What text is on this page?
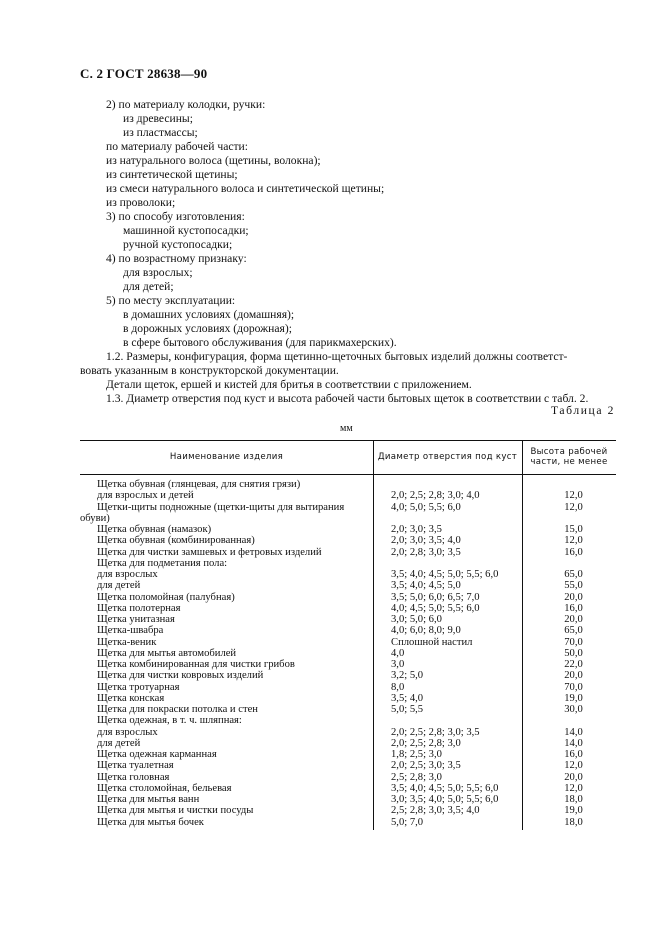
С. 2 ГОСТ 28638—90
2) по материалу колодки, ручки:
из древесины;
из пластмассы;
по материалу рабочей части:
из натурального волоса (щетины, волокна);
из синтетической щетины;
из смеси натурального волоса и синтетической щетины;
из проволоки;
3) по способу изготовления:
машинной кустопосадки;
ручной кустопосадки;
4) по возрастному признаку:
для взрослых;
для детей;
5) по месту эксплуатации:
в домашних условиях (домашняя);
в дорожных условиях (дорожная);
в сфере бытового обслуживания (для парикмахерских).
1.2. Размеры, конфигурация, форма щетинно-щеточных бытовых изделий должны соответст-
вовать указанным в конструкторской документации.
Детали щеток, ершей и кистей для бритья в соответствии с приложением.
1.3. Диаметр отверстия под куст и высота рабочей части бытовых щеток в соответствии с табл. 2.
Таблица 2
мм
Наименование изделия	Диаметр отверстия под куст	Высота рабочей части, не менее
Щетка обувная (глянцевая, для снятия грязи)
для взрослых и детей	2,0; 2,5; 2,8; 3,0; 4,0	12,0
Щетки-щиты подножные (щетки-щиты для вытирания	4,0; 5,0; 5,5; 6,0	12,0
обуви)
Щетка обувная (намазок)	2,0; 3,0; 3,5	15,0
Щетка обувная (комбинированная)	2,0; 3,0; 3,5; 4,0	12,0
Щетка для чистки замшевых и фетровых изделий	2,0; 2,8; 3,0; 3,5	16,0
Щетка для подметания пола:
для взрослых	3,5; 4,0; 4,5; 5,0; 5,5; 6,0	65,0
для детей	3,5; 4,0; 4,5; 5,0	55,0
Щетка поломойная (палубная)	3,5; 5,0; 6,0; 6,5; 7,0	20,0
Щетка полотерная	4,0; 4,5; 5,0; 5,5; 6,0	16,0
Щетка унитазная	3,0; 5,0; 6,0	20,0
Щетка-швабра	4,0; 6,0; 8,0; 9,0	65,0
Щетка-веник	Сплошной настил	70,0
Щетка для мытья автомобилей	4,0	50,0
Щетка комбинированная для чистки грибов	3,0	22,0
Щетка для чистки ковровых изделий	3,2; 5,0	20,0
Щетка тротуарная	8,0	70,0
Щетка конская	3,5; 4,0	19,0
Щетка для покраски потолка и стен	5,0; 5,5	30,0
Щетка одежная, в т. ч. шляпная:
для взрослых	2,0; 2,5; 2,8; 3,0; 3,5	14,0
для детей	2,0; 2,5; 2,8; 3,0	14,0
Щетка одежная карманная	1,8; 2,5; 3,0	16,0
Щетка туалетная	2,0; 2,5; 3,0; 3,5	12,0
Щетка головная	2,5; 2,8; 3,0	20,0
Щетка столомойная, бельевая	3,5; 4,0; 4,5; 5,0; 5,5; 6,0	12,0
Щетка для мытья ванн	3,0; 3,5; 4,0; 5,0; 5,5; 6,0	18,0
Щетка для мытья и чистки посуды	2,5; 2,8; 3,0; 3,5; 4,0	19,0
Щетка для мытья бочек	5,0; 7,0	18,0
